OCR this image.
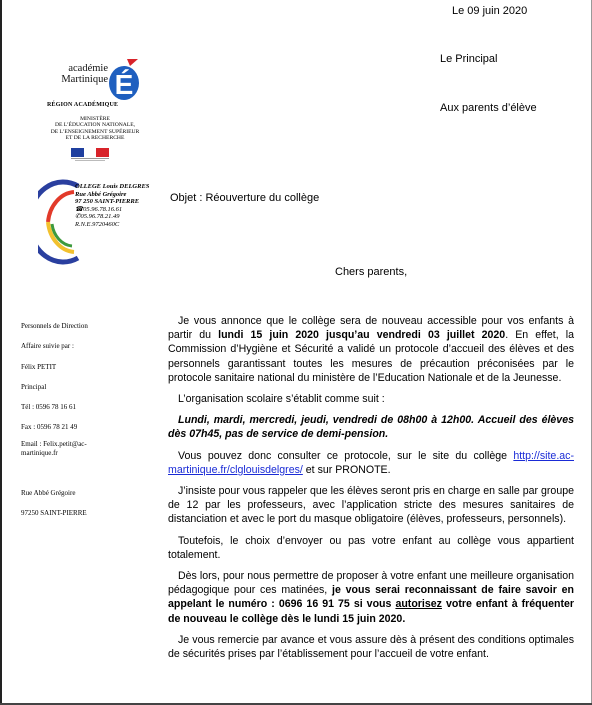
Le 09 juin 2020
Le Principal
Aux parents d’élève
académie
Martinique É
RÉGION ACADÉMIQUE
MINISTÈRE
DE L’ÉDUCATION NATIONALE,
DE L’ENSEIGNEMENT SUPÉRIEUR
ET DE LA RECHERCHE
OLLEGE Louis DELGRES
Rue Abbé Grégoire
97 250 SAINT-PIERRE
☎05.96.78.16.61
✆05.96.78.21.49
R.N.E.9720460C
Objet : Réouverture du collège
Chers parents,
Personnels de Direction
Affaire suivie par :
Félix PETIT
Principal
Tél : 0596 78 16 61
Fax : 0596 78 21 49
Email : Felix.petit@ac-martinique.fr
Rue Abbé Grégoire
97250 SAINT-PIERRE

Je vous annonce que le collège sera de nouveau accessible pour vos enfants à partir du lundi 15 juin 2020 jusqu’au vendredi 03 juillet 2020. En effet, la Commission d’Hygiène et Sécurité a validé un protocole d’accueil des élèves et des personnels garantissant toutes les mesures de précaution préconisées par le protocole sanitaire national du ministère de l’Education Nationale et de la Jeunesse.

L’organisation scolaire s’établit comme suit :

Lundi, mardi, mercredi, jeudi, vendredi de 08h00 à 12h00. Accueil des élèves dès 07h45, pas de service de demi-pension.

Vous pouvez donc consulter ce protocole, sur le site du collège http://site.ac-martinique.fr/clglouisdelgres/ et sur PRONOTE.

J’insiste pour vous rappeler que les élèves seront pris en charge en salle par groupe de 12 par les professeurs, avec l’application stricte des mesures sanitaires de distanciation et avec le port du masque obligatoire (élèves, professeurs, personnels).

Toutefois, le choix d’envoyer ou pas votre enfant au collège vous appartient totalement.

Dès lors, pour nous permettre de proposer à votre enfant une meilleure organisation pédagogique pour ces matinées, je vous serai reconnaissant de faire savoir en appelant le numéro : 0696 16 91 75 si vous autorisez votre enfant à fréquenter de nouveau le collège dès le lundi 15 juin 2020.

Je vous remercie par avance et vous assure dès à présent des conditions optimales de sécurités prises par l’établissement pour l’accueil de votre enfant.
